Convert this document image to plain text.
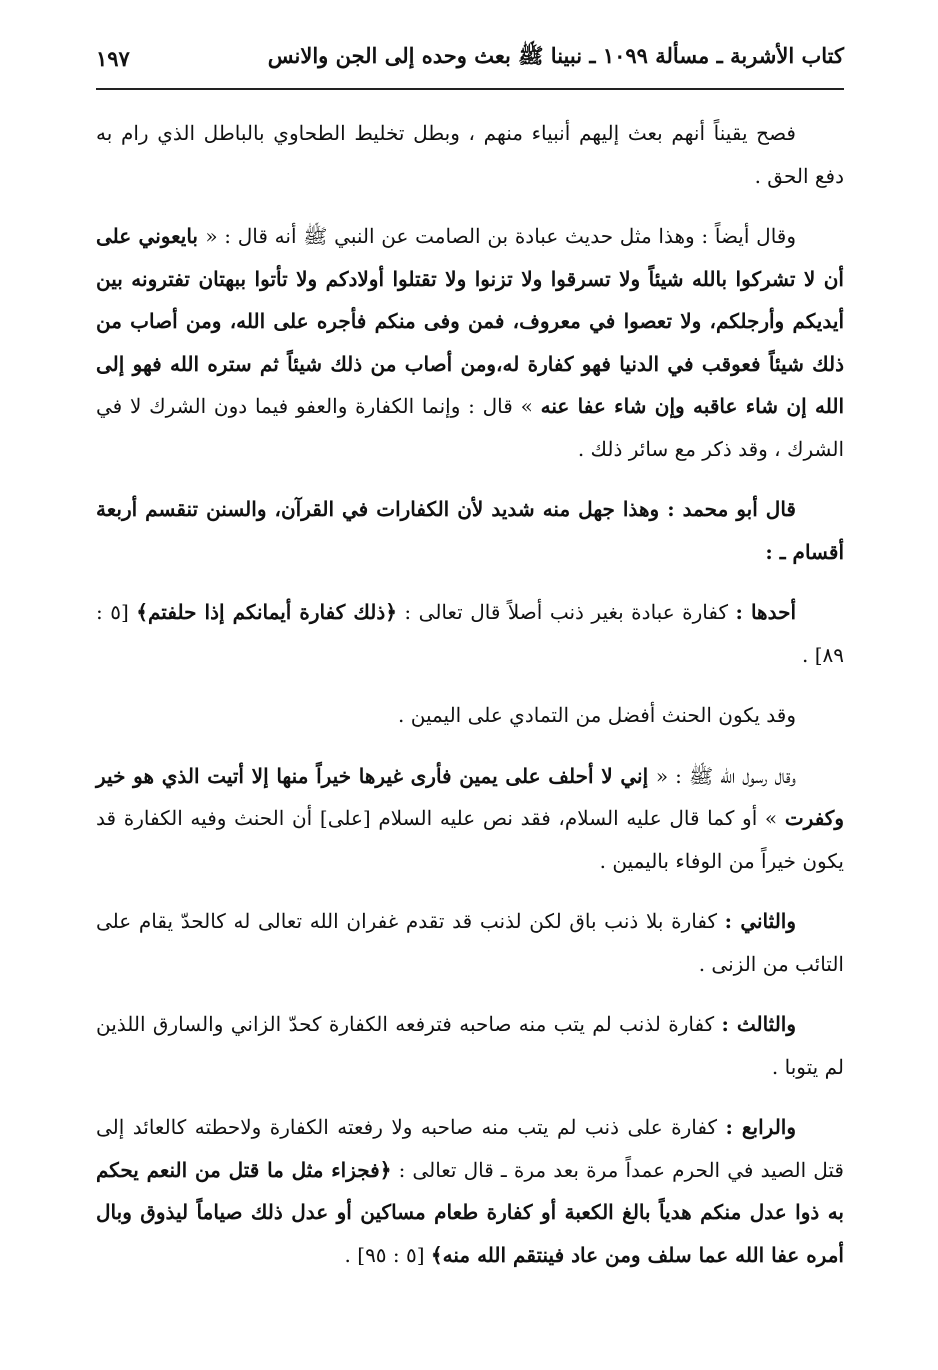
كتاب الأشربة ـ مسألة ١٠٩٩ ـ نبينا ﷺ بعث وحده إلى الجن والانس
١٩٧

فصح يقيناً أنهم بعث إليهم أنبياء منهم ، وبطل تخليط الطحاوي بالباطل الذي رام به دفع الحق .

وقال أيضاً : وهذا مثل حديث عبادة بن الصامت عن النبي ﷺ أنه قال : « بايعوني على أن لا تشركوا بالله شيئاً ولا تسرقوا ولا تزنوا ولا تقتلوا أولادكم ولا تأتوا ببهتان تفترونه بين أيديكم وأرجلكم، ولا تعصوا في معروف، فمن وفى منكم فأجره على الله، ومن أصاب من ذلك شيئاً فعوقب في الدنيا فهو كفارة له،ومن أصاب من ذلك شيئاً ثم ستره الله فهو إلى الله إن شاء عاقبه وإن شاء عفا عنه » قال : وإنما الكفارة والعفو فيما دون الشرك لا في الشرك ، وقد ذكر مع سائر ذلك .

قال أبو محمد : وهذا جهل منه شديد لأن الكفارات في القرآن، والسنن تنقسم أربعة أقسام ـ :

أحدها : كفارة عبادة بغير ذنب أصلاً قال تعالى : ﴿ذلك كفارة أيمانكم إذا حلفتم﴾ [٥ : ٨٩] .

وقد يكون الحنث أفضل من التمادي على اليمين .

وقال رسول الله ﷺ : « إني لا أحلف على يمين فأرى غيرها خيراً منها إلا أتيت الذي هو خير وكفرت » أو كما قال عليه السلام، فقد نص عليه السلام [على] أن الحنث وفيه الكفارة قد يكون خيراً من الوفاء باليمين .

والثاني : كفارة بلا ذنب باق لكن لذنب قد تقدم غفران الله تعالى له كالحدّ يقام على التائب من الزنى .

والثالث : كفارة لذنب لم يتب منه صاحبه فترفعه الكفارة كحدّ الزاني والسارق اللذين لم يتوبا .

والرابع : كفارة على ذنب لم يتب منه صاحبه ولا رفعته الكفارة ولاحطته كالعائد إلى قتل الصيد في الحرم عمداً مرة بعد مرة ـ قال تعالى : ﴿فجزاء مثل ما قتل من النعم يحكم به ذوا عدل منكم هدياً بالغ الكعبة أو كفارة طعام مساكين أو عدل ذلك صياماً ليذوق وبال أمره عفا الله عما سلف ومن عاد فينتقم الله منه﴾ [٥ : ٩٥] .
